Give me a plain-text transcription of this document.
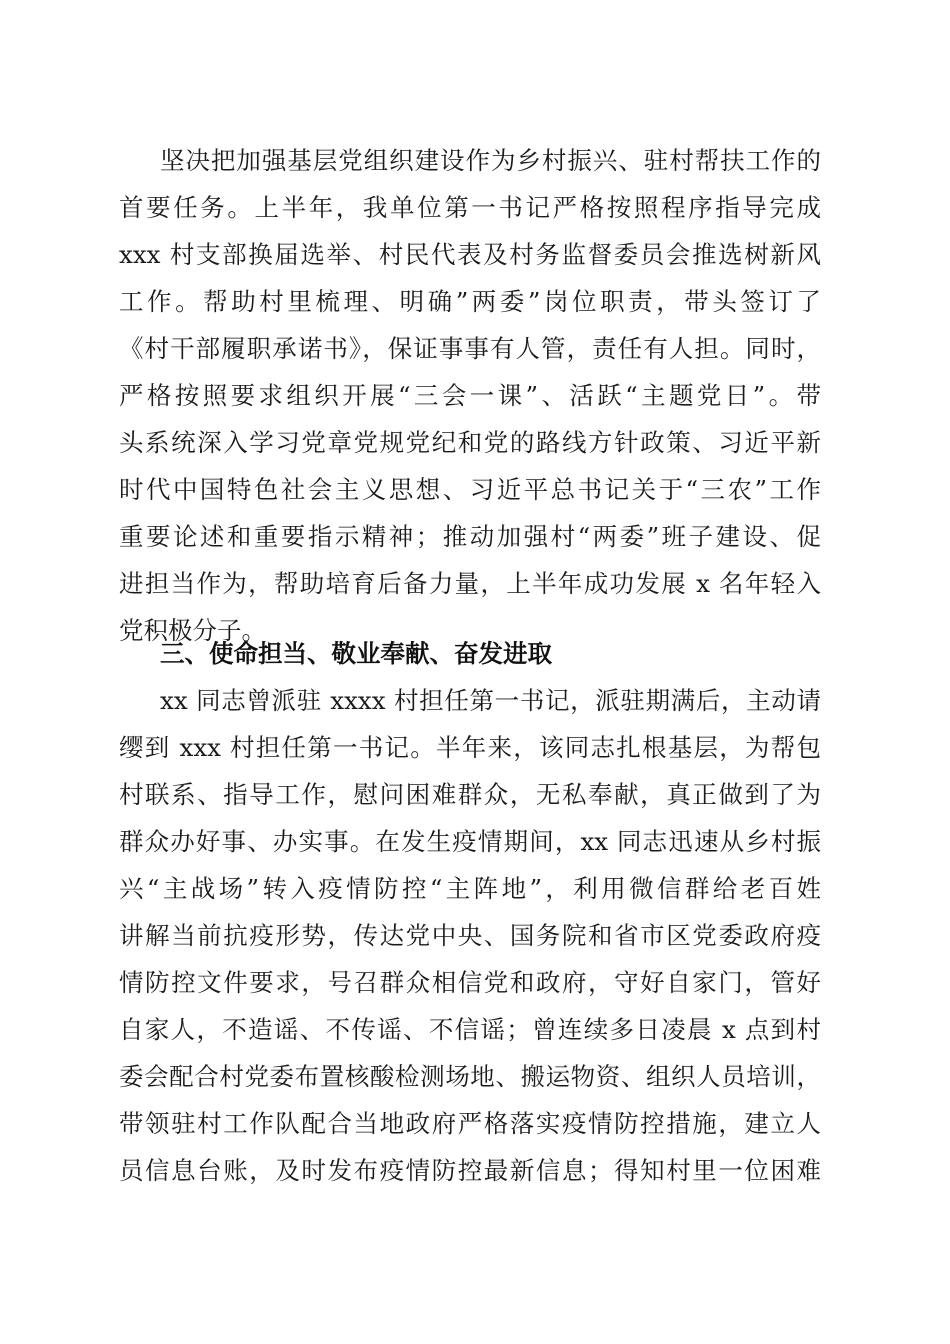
坚决把加强基层党组织建设作为乡村振兴、驻村帮扶工作的
首要任务。上半年，我单位第一书记严格按照程序指导完成
xxx 村支部换届选举、村民代表及村务监督委员会推选树新风
工作。帮助村里梳理、明确”两委”岗位职责，带头签订了
《村干部履职承诺书》，保证事事有人管，责任有人担。同时，
严格按照要求组织开展“三会一课”、活跃“主题党日”。带
头系统深入学习党章党规党纪和党的路线方针政策、习近平新
时代中国特色社会主义思想、习近平总书记关于“三农”工作
重要论述和重要指示精神；推动加强村“两委”班子建设、促
进担当作为，帮助培育后备力量，上半年成功发展 x 名年轻入
党积极分子。
三、使命担当、敬业奉献、奋发进取
xx 同志曾派驻 xxxx 村担任第一书记，派驻期满后，主动请
缨到 xxx 村担任第一书记。半年来，该同志扎根基层，为帮包
村联系、指导工作，慰问困难群众，无私奉献，真正做到了为
群众办好事、办实事。在发生疫情期间，xx 同志迅速从乡村振
兴“主战场”转入疫情防控“主阵地”，利用微信群给老百姓
讲解当前抗疫形势，传达党中央、国务院和省市区党委政府疫
情防控文件要求，号召群众相信党和政府，守好自家门，管好
自家人，不造谣、不传谣、不信谣；曾连续多日凌晨 x 点到村
委会配合村党委布置核酸检测场地、搬运物资、组织人员培训，
带领驻村工作队配合当地政府严格落实疫情防控措施，建立人
员信息台账，及时发布疫情防控最新信息；得知村里一位困难
